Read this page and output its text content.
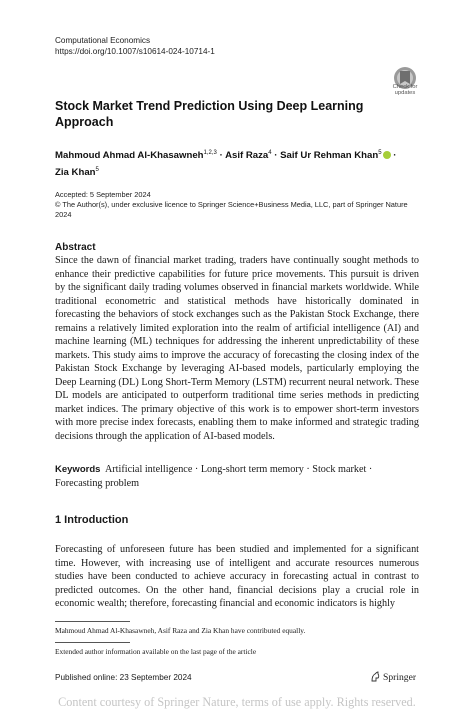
Computational Economics
https://doi.org/10.1007/s10614-024-10714-1
Check for
updates
Stock Market Trend Prediction Using Deep Learning Approach
Mahmoud Ahmad Al-Khasawneh$^{1,2,3}$ · Asif Raza$^4$ · Saif Ur Rehman Khan$^5$ ·
Zia Khan$^5$
Accepted: 5 September 2024
© The Author(s), under exclusive licence to Springer Science+Business Media, LLC, part of Springer Nature 2024
Abstract
Since the dawn of financial market trading, traders have continually sought methods to enhance their predictive capabilities for future price movements. This pursuit is driven by the significant daily trading volumes observed in financial markets worldwide. While traditional econometric and statistical methods have historically dominated in forecasting the behaviors of stock exchanges such as the Pakistan Stock Exchange, there remains a relatively limited exploration into the realm of artificial intelligence (AI) and machine learning (ML) techniques for addressing the inherent unpredictability of these markets. This study aims to improve the accuracy of forecasting the closing index of the Pakistan Stock Exchange by leveraging AI-based models, particularly employing the Deep Learning (DL) Long Short-Term Memory (LSTM) recurrent neural network. These DL models are anticipated to outperform traditional time series methods in predicting market indices. The primary objective of this work is to empower short-term investors with more precise index forecasts, enabling them to make informed and strategic trading decisions through the application of AI-based models.
Keywords Artificial intelligence · Long-short term memory · Stock market · Forecasting problem
1 Introduction
Forecasting of unforeseen future has been studied and implemented for a significant time. However, with increasing use of intelligent and accurate resources numerous studies have been conducted to achieve accuracy in forecasting actual in contrast to predicted outcomes. On the other hand, financial decisions play a crucial role in economic wealth; therefore, forecasting financial and economic indicators is highly
Mahmoud Ahmad Al-Khasawneh, Asif Raza and Zia Khan have contributed equally.
Extended author information available on the last page of the article
Published online: 23 September 2024	Springer
Content courtesy of Springer Nature, terms of use apply. Rights reserved.
